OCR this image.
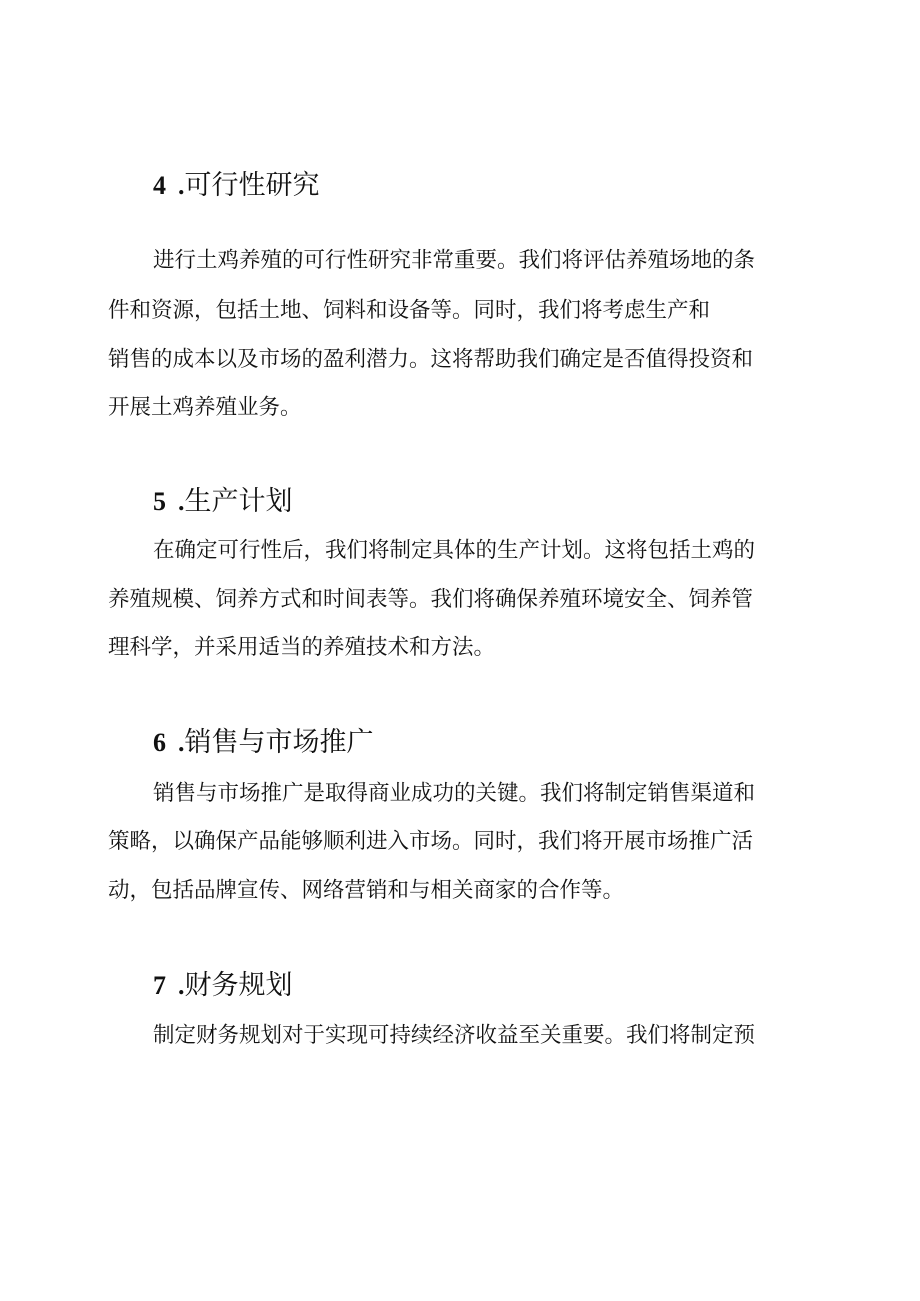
4 .可行性研究
进行土鸡养殖的可行性研究非常重要。我们将评估养殖场地的条
件和资源，包括土地、饲料和设备等。同时，我们将考虑生产和
销售的成本以及市场的盈利潜力。这将帮助我们确定是否值得投资和
开展土鸡养殖业务。
5 .生产计划
在确定可行性后，我们将制定具体的生产计划。这将包括土鸡的
养殖规模、饲养方式和时间表等。我们将确保养殖环境安全、饲养管
理科学，并采用适当的养殖技术和方法。
6 .销售与市场推广
销售与市场推广是取得商业成功的关键。我们将制定销售渠道和
策略，以确保产品能够顺利进入市场。同时，我们将开展市场推广活
动，包括品牌宣传、网络营销和与相关商家的合作等。
7 .财务规划
制定财务规划对于实现可持续经济收益至关重要。我们将制定预
